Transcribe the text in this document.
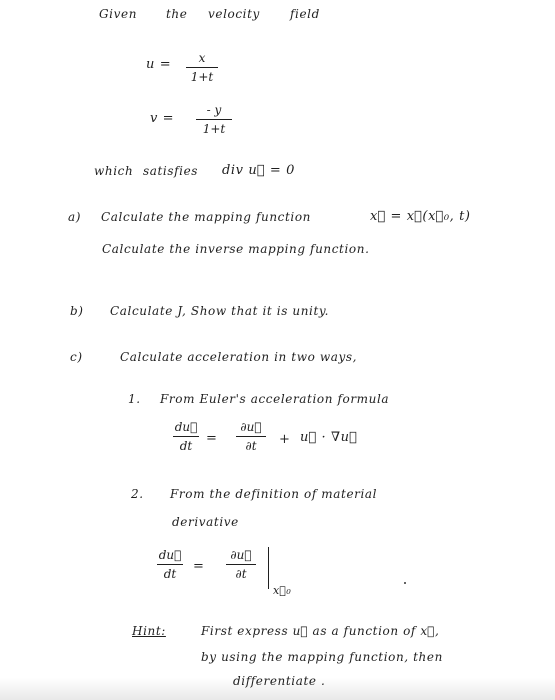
Given the velocity	field
u =	x
1+t
v =
- y
1+t
which satisfies div u⃗ = 0
a) Calculate the mapping function	x⃗ = x⃗(x⃗₀, t)
Calculate the inverse mapping function.
b) Calculate J, Show that it is unity.
c)	Calculate acceleration in two ways,
1. From Euler's acceleration formula
du⃗
dt	=
∂u⃗
∂t	+ u⃗ · ∇u⃗
2. From the definition of material
derivative
du⃗
dt	=
∂u⃗
∂t
x⃗₀
Hint:	First express u⃗ as a function of x⃗,
by using the mapping function, then
differentiate .
